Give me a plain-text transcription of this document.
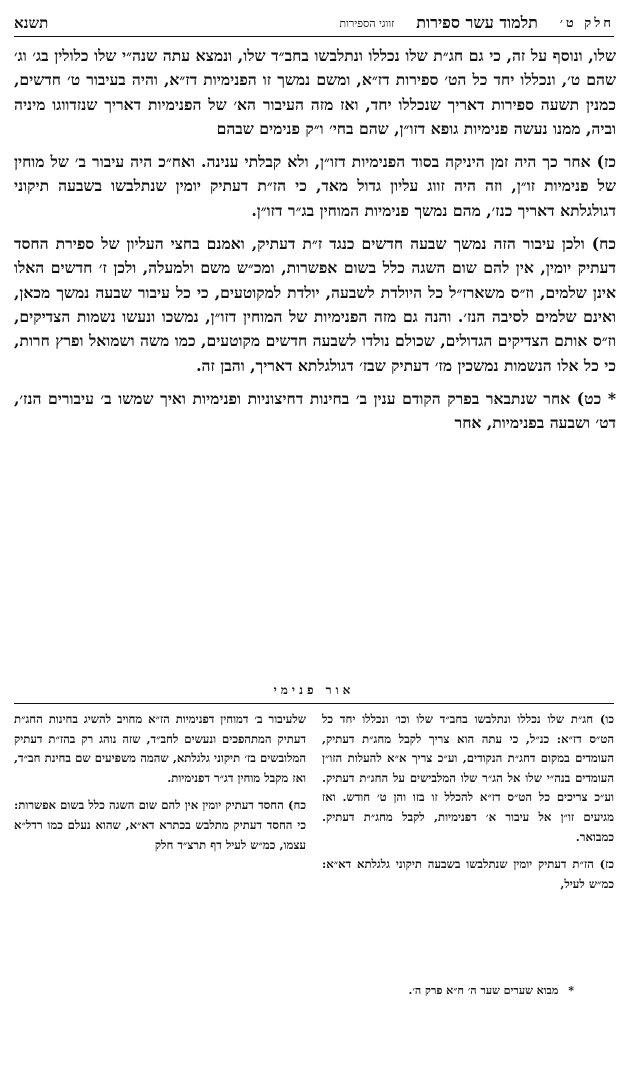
חלק ט׳
תלמוד עשר ספירות
זווגי הספירות
תשנא

שלו, ונוסף על זה, כי גם חג״ת שלו נכללו ונתלבשו בחב״ד שלו, ונמצא עתה שנה״י שלו כלולין בג׳ וג׳ שהם ט׳, ונכללו יחד כל הט׳ ספירות דז״א, ומשם נמשך זו הפנימיות דז״א, והיה בעיבור ט׳ חדשים, כמנין תשעה ספירות דאריך שנכללו יחד, ואז מזה העיבור הא׳ של הפנימיות דאריך שנזדווגו מיניה וביה, ממנו נעשה פנימיות גופא דזו״ן, שהם בחי׳ ו״ק פנימים שבהם

כז) אחר כך היה זמן היניקה בסוד הפנימיות דזו״ן, ולא קבלתי ענינה. ואח״כ היה עיבור ב׳ של מוחין של פנימיות זו״ן, וזה היה זווג עליון גדול מאד, כי הז״ת דעתיק יומין שנתלבשו בשבעה תיקוני דגולגלתא דאריך כנז׳, מהם נמשך פנימיות המוחין בג״ר דזו״ן.

כח) ולכן עיבור הזה נמשך שבעה חדשים כנגד ז״ת דעתיק, ואמנם בחצי העליון של ספירת החסד דעתיק יומין, אין להם שום השגה כלל בשום אפשרות, ומכ״ש משם ולמעלה, ולכן ז׳ חדשים האלו אינן שלמים, וז״ס משארז״ל כל היולדת לשבעה, יולדת למקוטעים, כי כל עיבור שבעה נמשך מכאן, ואינם שלמים לסיבה הנז׳. והנה גם מזה הפנימיות של המוחין דזו״ן, נמשכו ונעשו נשמות הצדיקים, וז״ס אותם הצדיקים הגדולים, שכולם נולדו לשבעה חדשים מקוטעים, כמו משה ושמואל ופרץ חרות, כי כל אלו הנשמות נמשכין מז׳ דעתיק שבז׳ דגולגלתא דאריך, והבן זה.

* כט) אחר שנתבאר בפרק הקודם ענין ב׳ בחינות דחיצוניות ופנימיות ואיך שמשו ב׳ עיבורים הנז׳, דט׳ ושבעה בפנימיות, אחר

אור פנימי

כו) חג״ת שלו נכללו ונתלבשו בחב״ד שלו וכו׳ ונכללו יחד כל הט״ס דז״א: כנ״ל, כי עתה הוא צריך לקבל מחג״ת דעתיק, העומדים במקום דחג״ת הנקודים, וע״כ צריך א״א להעלות הזו״ן העומדים בנה״י שלו אל הג״ר שלו המלבישים על החג״ת דעתיק. וע״כ צריכים כל הט״ס דז״א להכלל זו בזו והן ט׳ חודש. ואז מגיעים זו״ן אל עיבור א׳ דפנימיות, לקבל מחג״ת דעתיק. כמבואר.

כז) הז״ת דעתיק יומין שנתלבשו בשבעה תיקוני גלגלתא דא״א: כמ״ש לעיל,

שלעיבור ב׳ דמוחין דפנימיות הז״א מחויב להשיג בחינות החג״ת דעתיק המתהפכים ונעשים לחב״ד, שזה נוהג רק בהז״ת דעתיק המלובשים בז׳ תיקוני גלגלתא, שהמה משפיעים שם בחינת חב״ד, ואז מקבל מוחין דג״ר דפנימיות.

כח) החסד דעתיק יומין אין להם שום השגה כלל בשום אפשרות: כי החסד דעתיק מתלבש בכתרא דא״א, שהוא נעלם כמו רדל״א עצמו, כמ״ש לעיל דף תרצ״ד חלק

* מבוא שערים שער ה׳ ח״א פרק ה׳.
